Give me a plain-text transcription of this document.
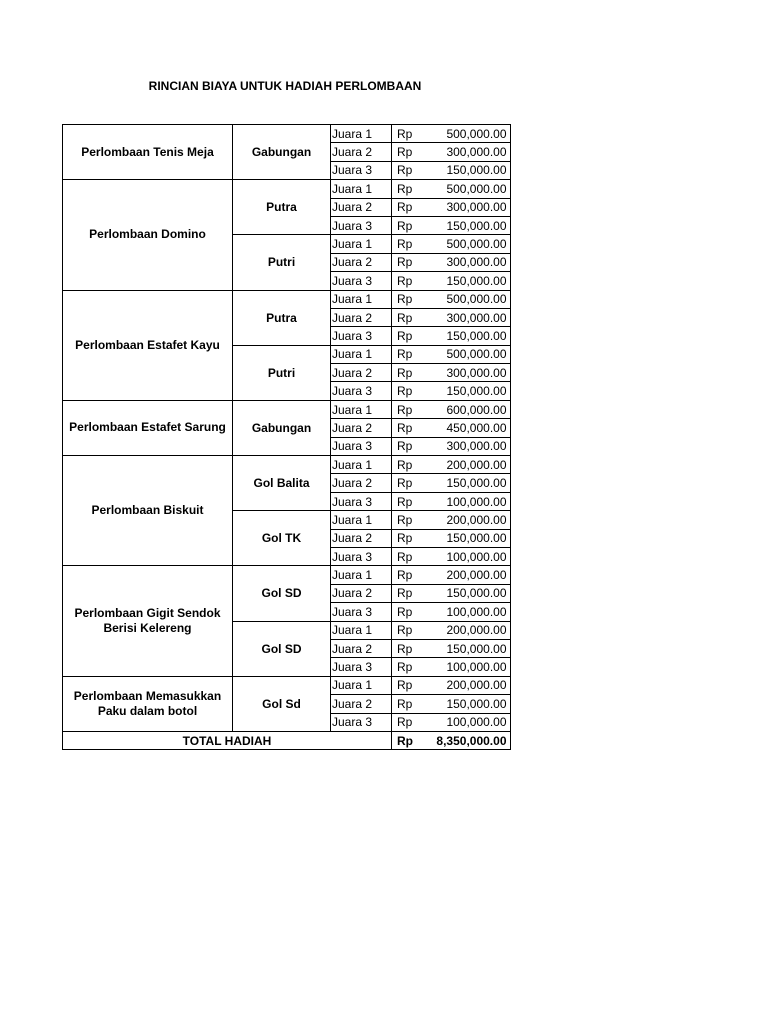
RINCIAN BIAYA UNTUK HADIAH PERLOMBAAN
Perlombaan Tenis Meja	Gabungan	Juara 1	Rp	500,000.00
		Juara 2	Rp	300,000.00
		Juara 3	Rp	150,000.00
Perlombaan Domino	Putra	Juara 1	Rp	500,000.00
		Juara 2	Rp	300,000.00
		Juara 3	Rp	150,000.00
	Putri	Juara 1	Rp	500,000.00
		Juara 2	Rp	300,000.00
		Juara 3	Rp	150,000.00
Perlombaan Estafet Kayu	Putra	Juara 1	Rp	500,000.00
		Juara 2	Rp	300,000.00
		Juara 3	Rp	150,000.00
	Putri	Juara 1	Rp	500,000.00
		Juara 2	Rp	300,000.00
		Juara 3	Rp	150,000.00
Perlombaan Estafet Sarung	Gabungan	Juara 1	Rp	600,000.00
		Juara 2	Rp	450,000.00
		Juara 3	Rp	300,000.00
Perlombaan Biskuit	Gol Balita	Juara 1	Rp	200,000.00
		Juara 2	Rp	150,000.00
		Juara 3	Rp	100,000.00
	Gol TK	Juara 1	Rp	200,000.00
		Juara 2	Rp	150,000.00
		Juara 3	Rp	100,000.00
Perlombaan Gigit Sendok Berisi Kelereng	Gol SD	Juara 1	Rp	200,000.00
		Juara 2	Rp	150,000.00
		Juara 3	Rp	100,000.00
	Gol SD	Juara 1	Rp	200,000.00
		Juara 2	Rp	150,000.00
		Juara 3	Rp	100,000.00
Perlombaan Memasukkan Paku dalam botol	Gol Sd	Juara 1	Rp	200,000.00
		Juara 2	Rp	150,000.00
		Juara 3	Rp	100,000.00
TOTAL HADIAH			Rp	8,350,000.00
